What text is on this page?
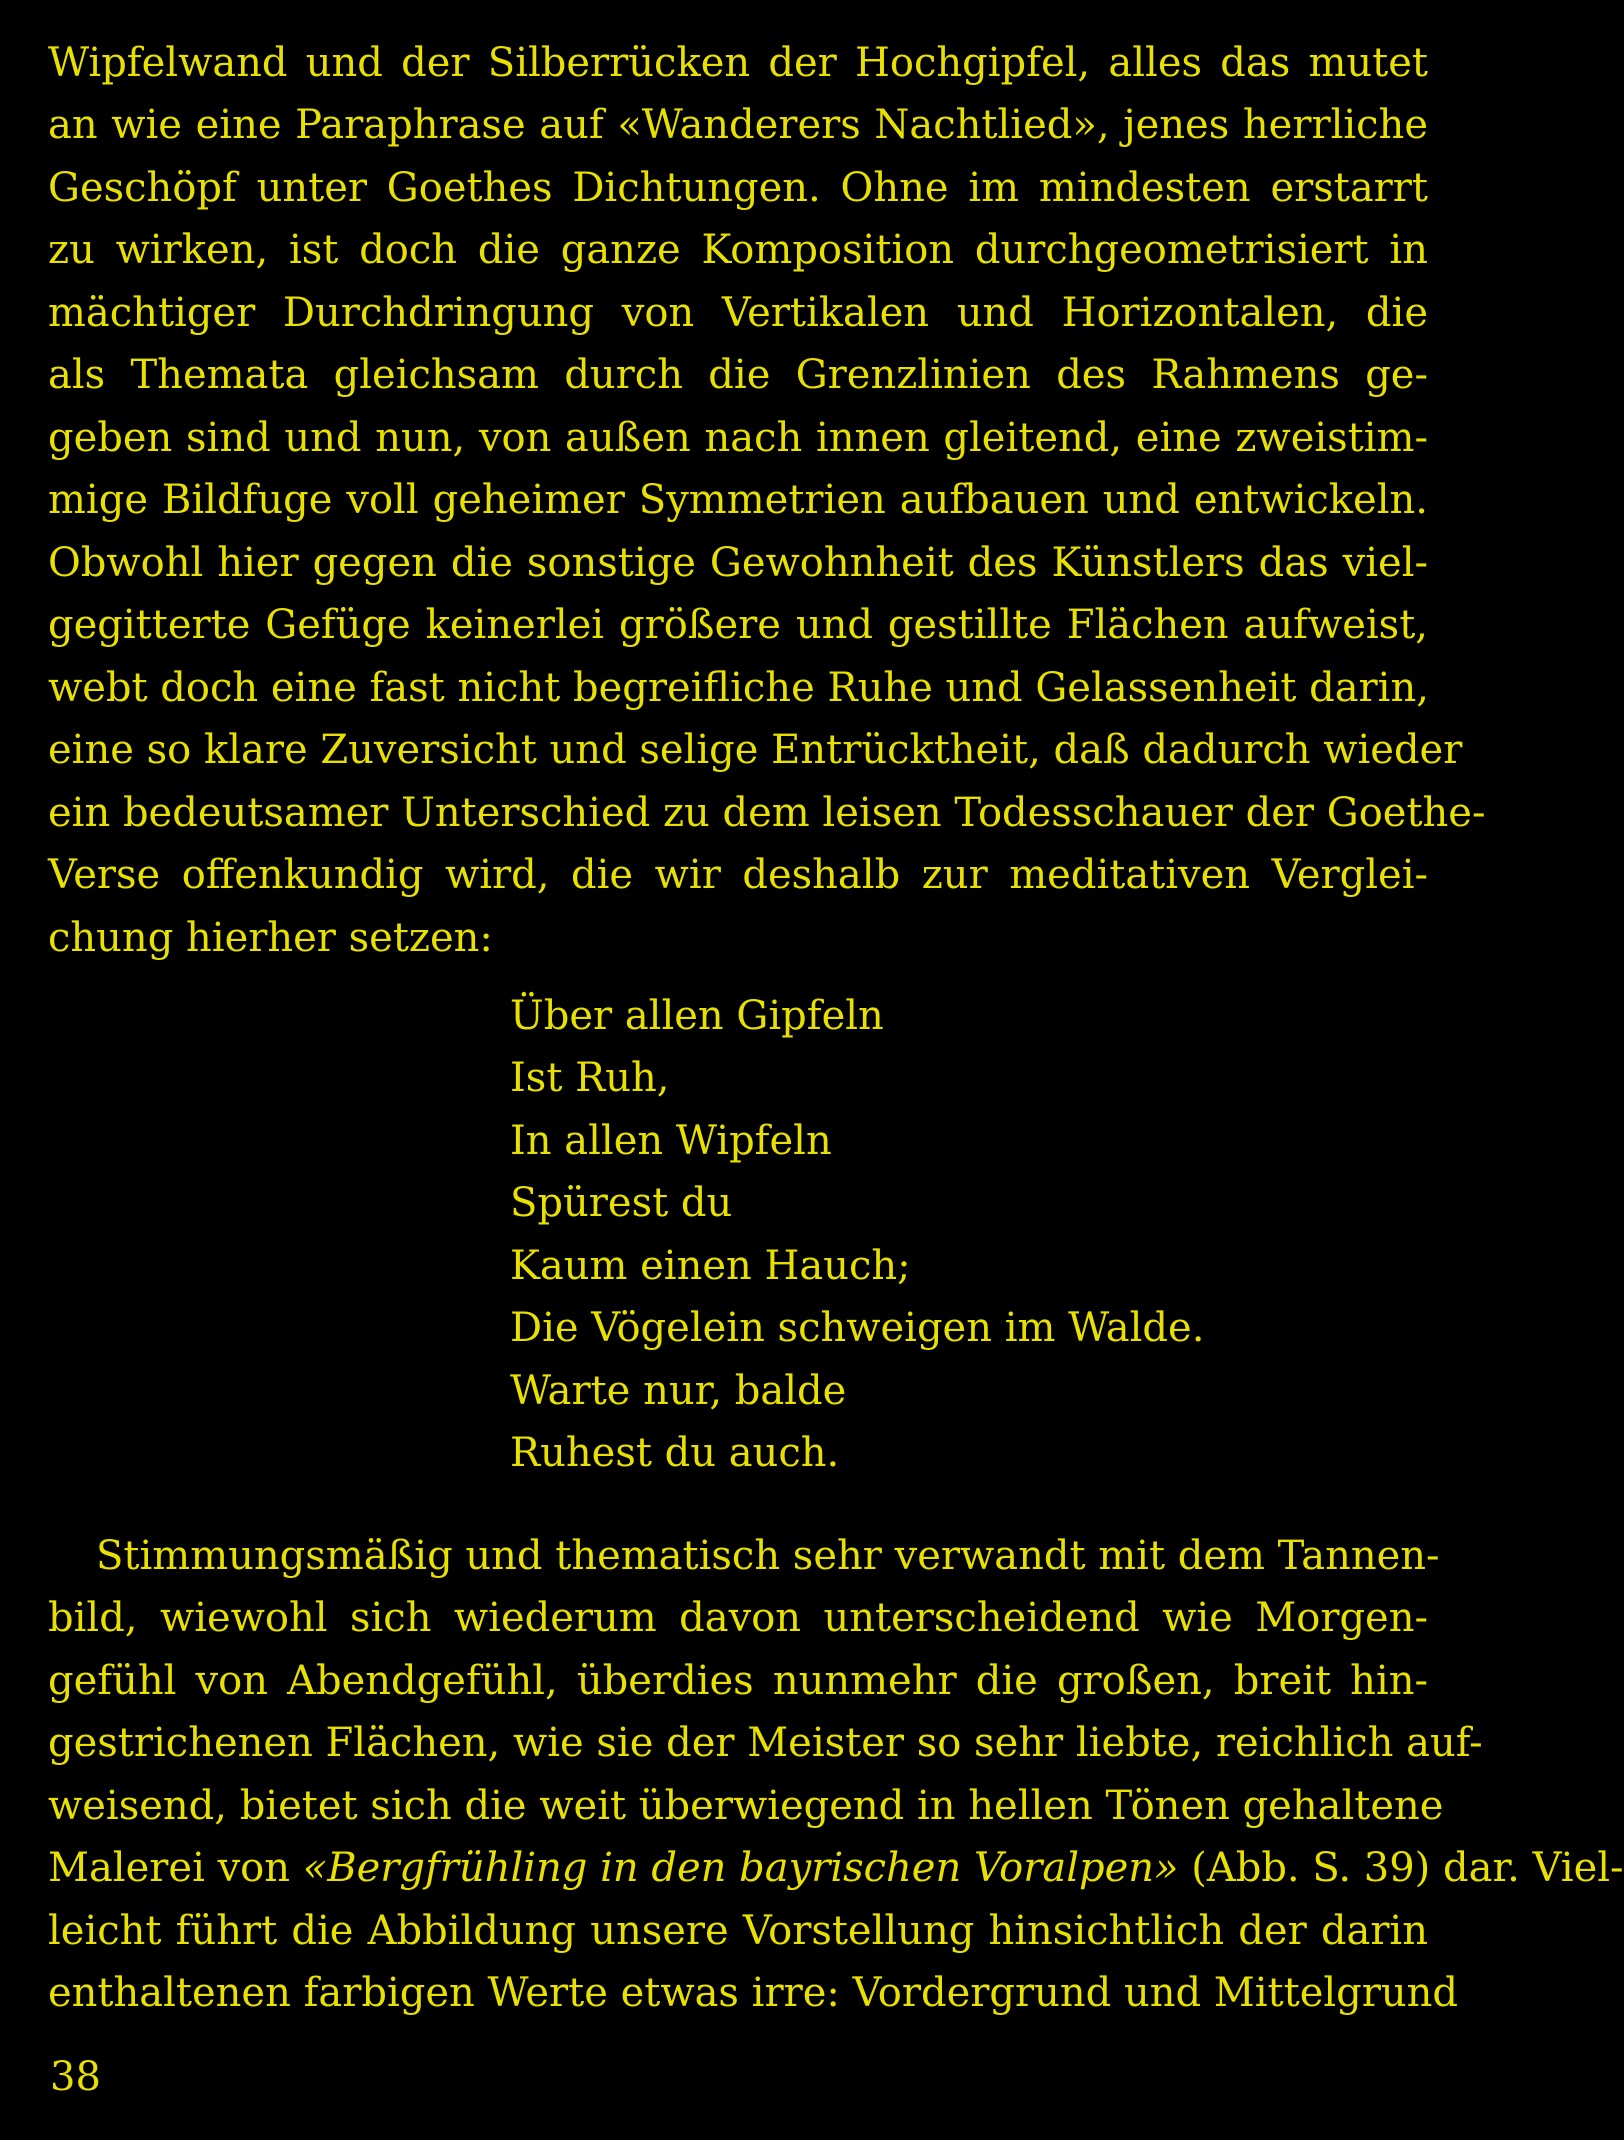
Wipfelwand und der Silberrücken der Hochgipfel, alles das mutet
an wie eine Paraphrase auf «Wanderers Nachtlied», jenes herrliche
Geschöpf unter Goethes Dichtungen. Ohne im mindesten erstarrt
zu wirken, ist doch die ganze Komposition durchgeometrisiert in
mächtiger Durchdringung von Vertikalen und Horizontalen, die
als Themata gleichsam durch die Grenzlinien des Rahmens ge-
geben sind und nun, von außen nach innen gleitend, eine zweistim-
mige Bildfuge voll geheimer Symmetrien aufbauen und entwickeln.
Obwohl hier gegen die sonstige Gewohnheit des Künstlers das viel-
gegitterte Gefüge keinerlei größere und gestillte Flächen aufweist,
webt doch eine fast nicht begreifliche Ruhe und Gelassenheit darin,
eine so klare Zuversicht und selige Entrücktheit, daß dadurch wieder
ein bedeutsamer Unterschied zu dem leisen Todesschauer der Goethe-
Verse offenkundig wird, die wir deshalb zur meditativen Verglei-
chung hierher setzen:
Über allen Gipfeln
Ist Ruh,
In allen Wipfeln
Spürest du
Kaum einen Hauch;
Die Vögelein schweigen im Walde.
Warte nur, balde
Ruhest du auch.
Stimmungsmäßig und thematisch sehr verwandt mit dem Tannen-
bild, wiewohl sich wiederum davon unterscheidend wie Morgen-
gefühl von Abendgefühl, überdies nunmehr die großen, breit hin-
gestrichenen Flächen, wie sie der Meister so sehr liebte, reichlich auf-
weisend, bietet sich die weit überwiegend in hellen Tönen gehaltene
Malerei von «Bergfrühling in den bayrischen Voralpen» (Abb. S. 39) dar. Viel-
leicht führt die Abbildung unsere Vorstellung hinsichtlich der darin
enthaltenen farbigen Werte etwas irre: Vordergrund und Mittelgrund
38
